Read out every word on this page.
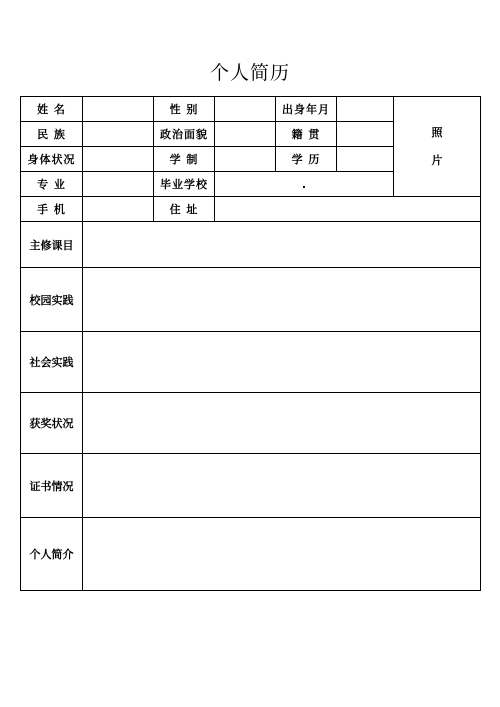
个人简历
姓 名		性 别		出身年月		照
片
民 族		政治面貌		籍 贯		
身体状况		学 制		学 历		
专 业		毕业学校	.			
手 机		住 址				
主修课目						
校园实践						
社会实践						
获奖状况						
证书情况						
个人简介						
